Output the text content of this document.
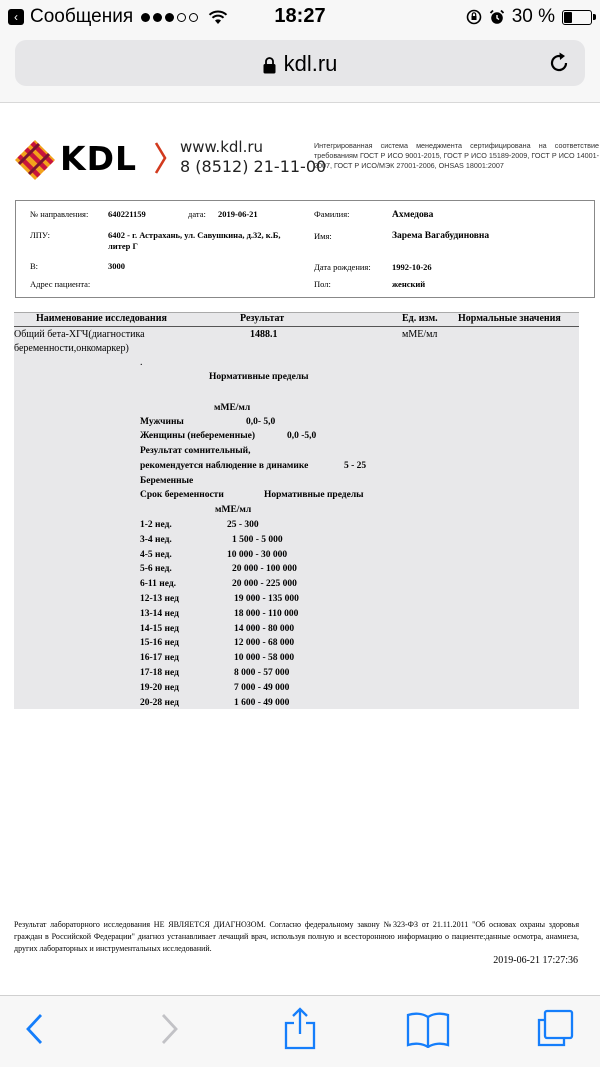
‹ Сообщения	18:27	30 %
kdl.ru
KDL	www.kdl.ru
8 (8512) 21-11-00
Интегрированная система менеджмента сертифицирована на соответствие требованиям ГОСТ Р ИСО 9001-2015, ГОСТ Р ИСО 15189-2009, ГОСТ Р ИСО 14001-2007, ГОСТ Р ИСО/МЭК 27001-2006, OHSAS 18001:2007
№ направления: 640221159	дата: 2019-06-21	Фамилия:	Ахмедова
ЛПУ:	6402 - г. Астрахань, ул. Савушкина, д.32, к.Б,
литер Г
Имя:	Зарема Вагабудиновна
В:	3000	Дата рождения:	1992-10-26
Адрес пациента:	Пол:	женский
Наименование исследования	Результат	Ед. изм. Нормальные значения
Общий бета-ХГЧ(диагностика
беременности,онкомаркер)
1488.1	мМЕ/мл
.
Нормативные пределы
мМЕ/мл
Мужчины	0,0- 5,0
Женщины (небеременные)	0,0 -5,0
Результат сомнительный,
рекомендуется наблюдение в динамике	5 - 25
Беременные
Срок беременности	Нормативные пределы
мМЕ/мл
1-2 нед.	25 - 300
3-4 нед.	1 500 - 5 000
4-5 нед.	10 000 - 30 000
5-6 нед.	20 000 - 100 000
6-11 нед.	20 000 - 225 000
12-13 нед	19 000 - 135 000
13-14 нед	18 000 - 110 000
14-15 нед	14 000 - 80 000
15-16 нед	12 000 - 68 000
16-17 нед	10 000 - 58 000
17-18 нед	8 000 - 57 000
19-20 нед	7 000 - 49 000
20-28 нед	1 600 - 49 000
Результат лабораторного исследования НЕ ЯВЛЯЕТСЯ ДИАГНОЗОМ. Согласно федеральному закону №323-ФЗ от 21.11.2011 "Об основах охраны здоровья граждан в Российской Федерации" диагноз устанавливает лечащий врач, используя полную и всестороннюю информацию о пациенте:данные осмотра, анамнеза, других лабораторных и инструментальных исследований.
2019-06-21 17:27:36
